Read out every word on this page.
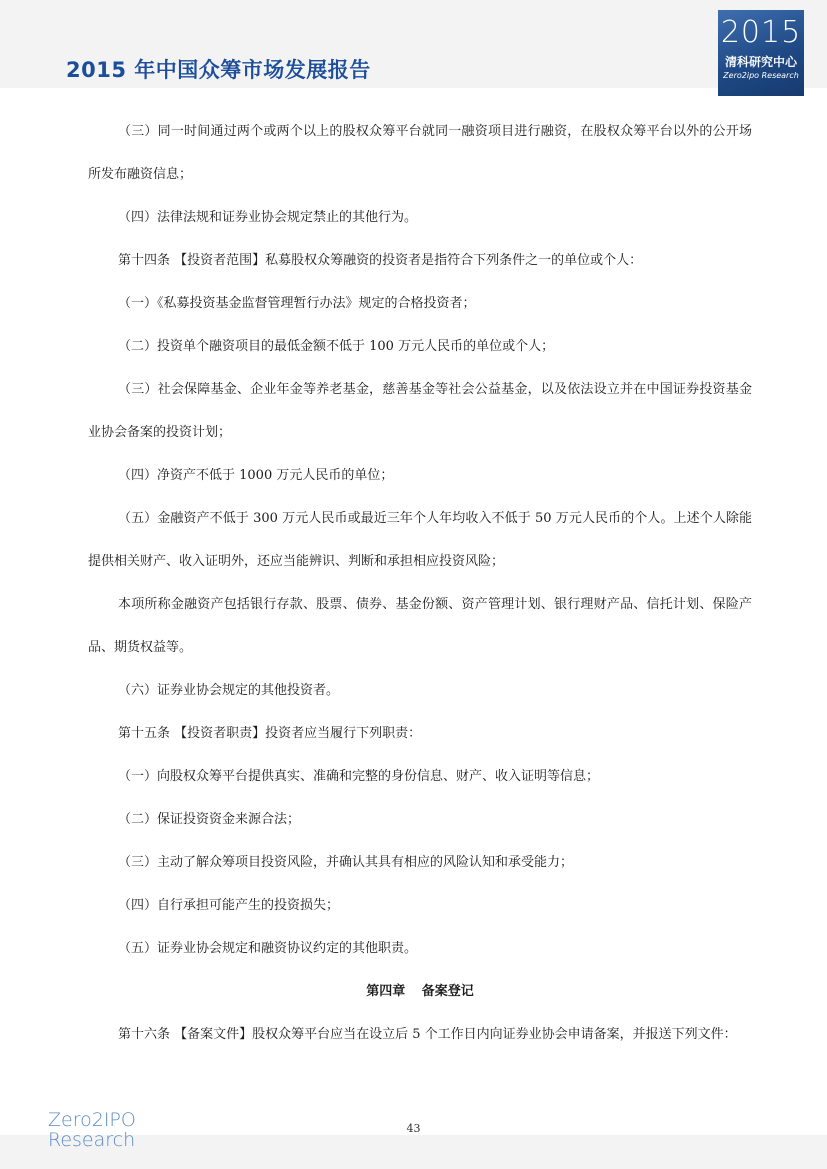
2015 年中国众筹市场发展报告
2015
清科研究中心
Zero2ipo Research

（三）同一时间通过两个或两个以上的股权众筹平台就同一融资项目进行融资，在股权众筹平台以外的公开场所发布融资信息；

（四）法律法规和证券业协会规定禁止的其他行为。

第十四条 【投资者范围】私募股权众筹融资的投资者是指符合下列条件之一的单位或个人：

（一）《私募投资基金监督管理暂行办法》规定的合格投资者；

（二）投资单个融资项目的最低金额不低于 100 万元人民币的单位或个人；

（三）社会保障基金、企业年金等养老基金，慈善基金等社会公益基金，以及依法设立并在中国证券投资基金业协会备案的投资计划；

（四）净资产不低于 1000 万元人民币的单位；

（五）金融资产不低于 300 万元人民币或最近三年个人年均收入不低于 50 万元人民币的个人。上述个人除能提供相关财产、收入证明外，还应当能辨识、判断和承担相应投资风险；

本项所称金融资产包括银行存款、股票、债券、基金份额、资产管理计划、银行理财产品、信托计划、保险产品、期货权益等。

（六）证券业协会规定的其他投资者。

第十五条 【投资者职责】投资者应当履行下列职责：

（一）向股权众筹平台提供真实、准确和完整的身份信息、财产、收入证明等信息；

（二）保证投资资金来源合法；

（三）主动了解众筹项目投资风险，并确认其具有相应的风险认知和承受能力；

（四）自行承担可能产生的投资损失；

（五）证券业协会规定和融资协议约定的其他职责。

第四章 备案登记

第十六条 【备案文件】股权众筹平台应当在设立后 5 个工作日内向证券业协会申请备案，并报送下列文件：

Zero2IPO
Research
43
